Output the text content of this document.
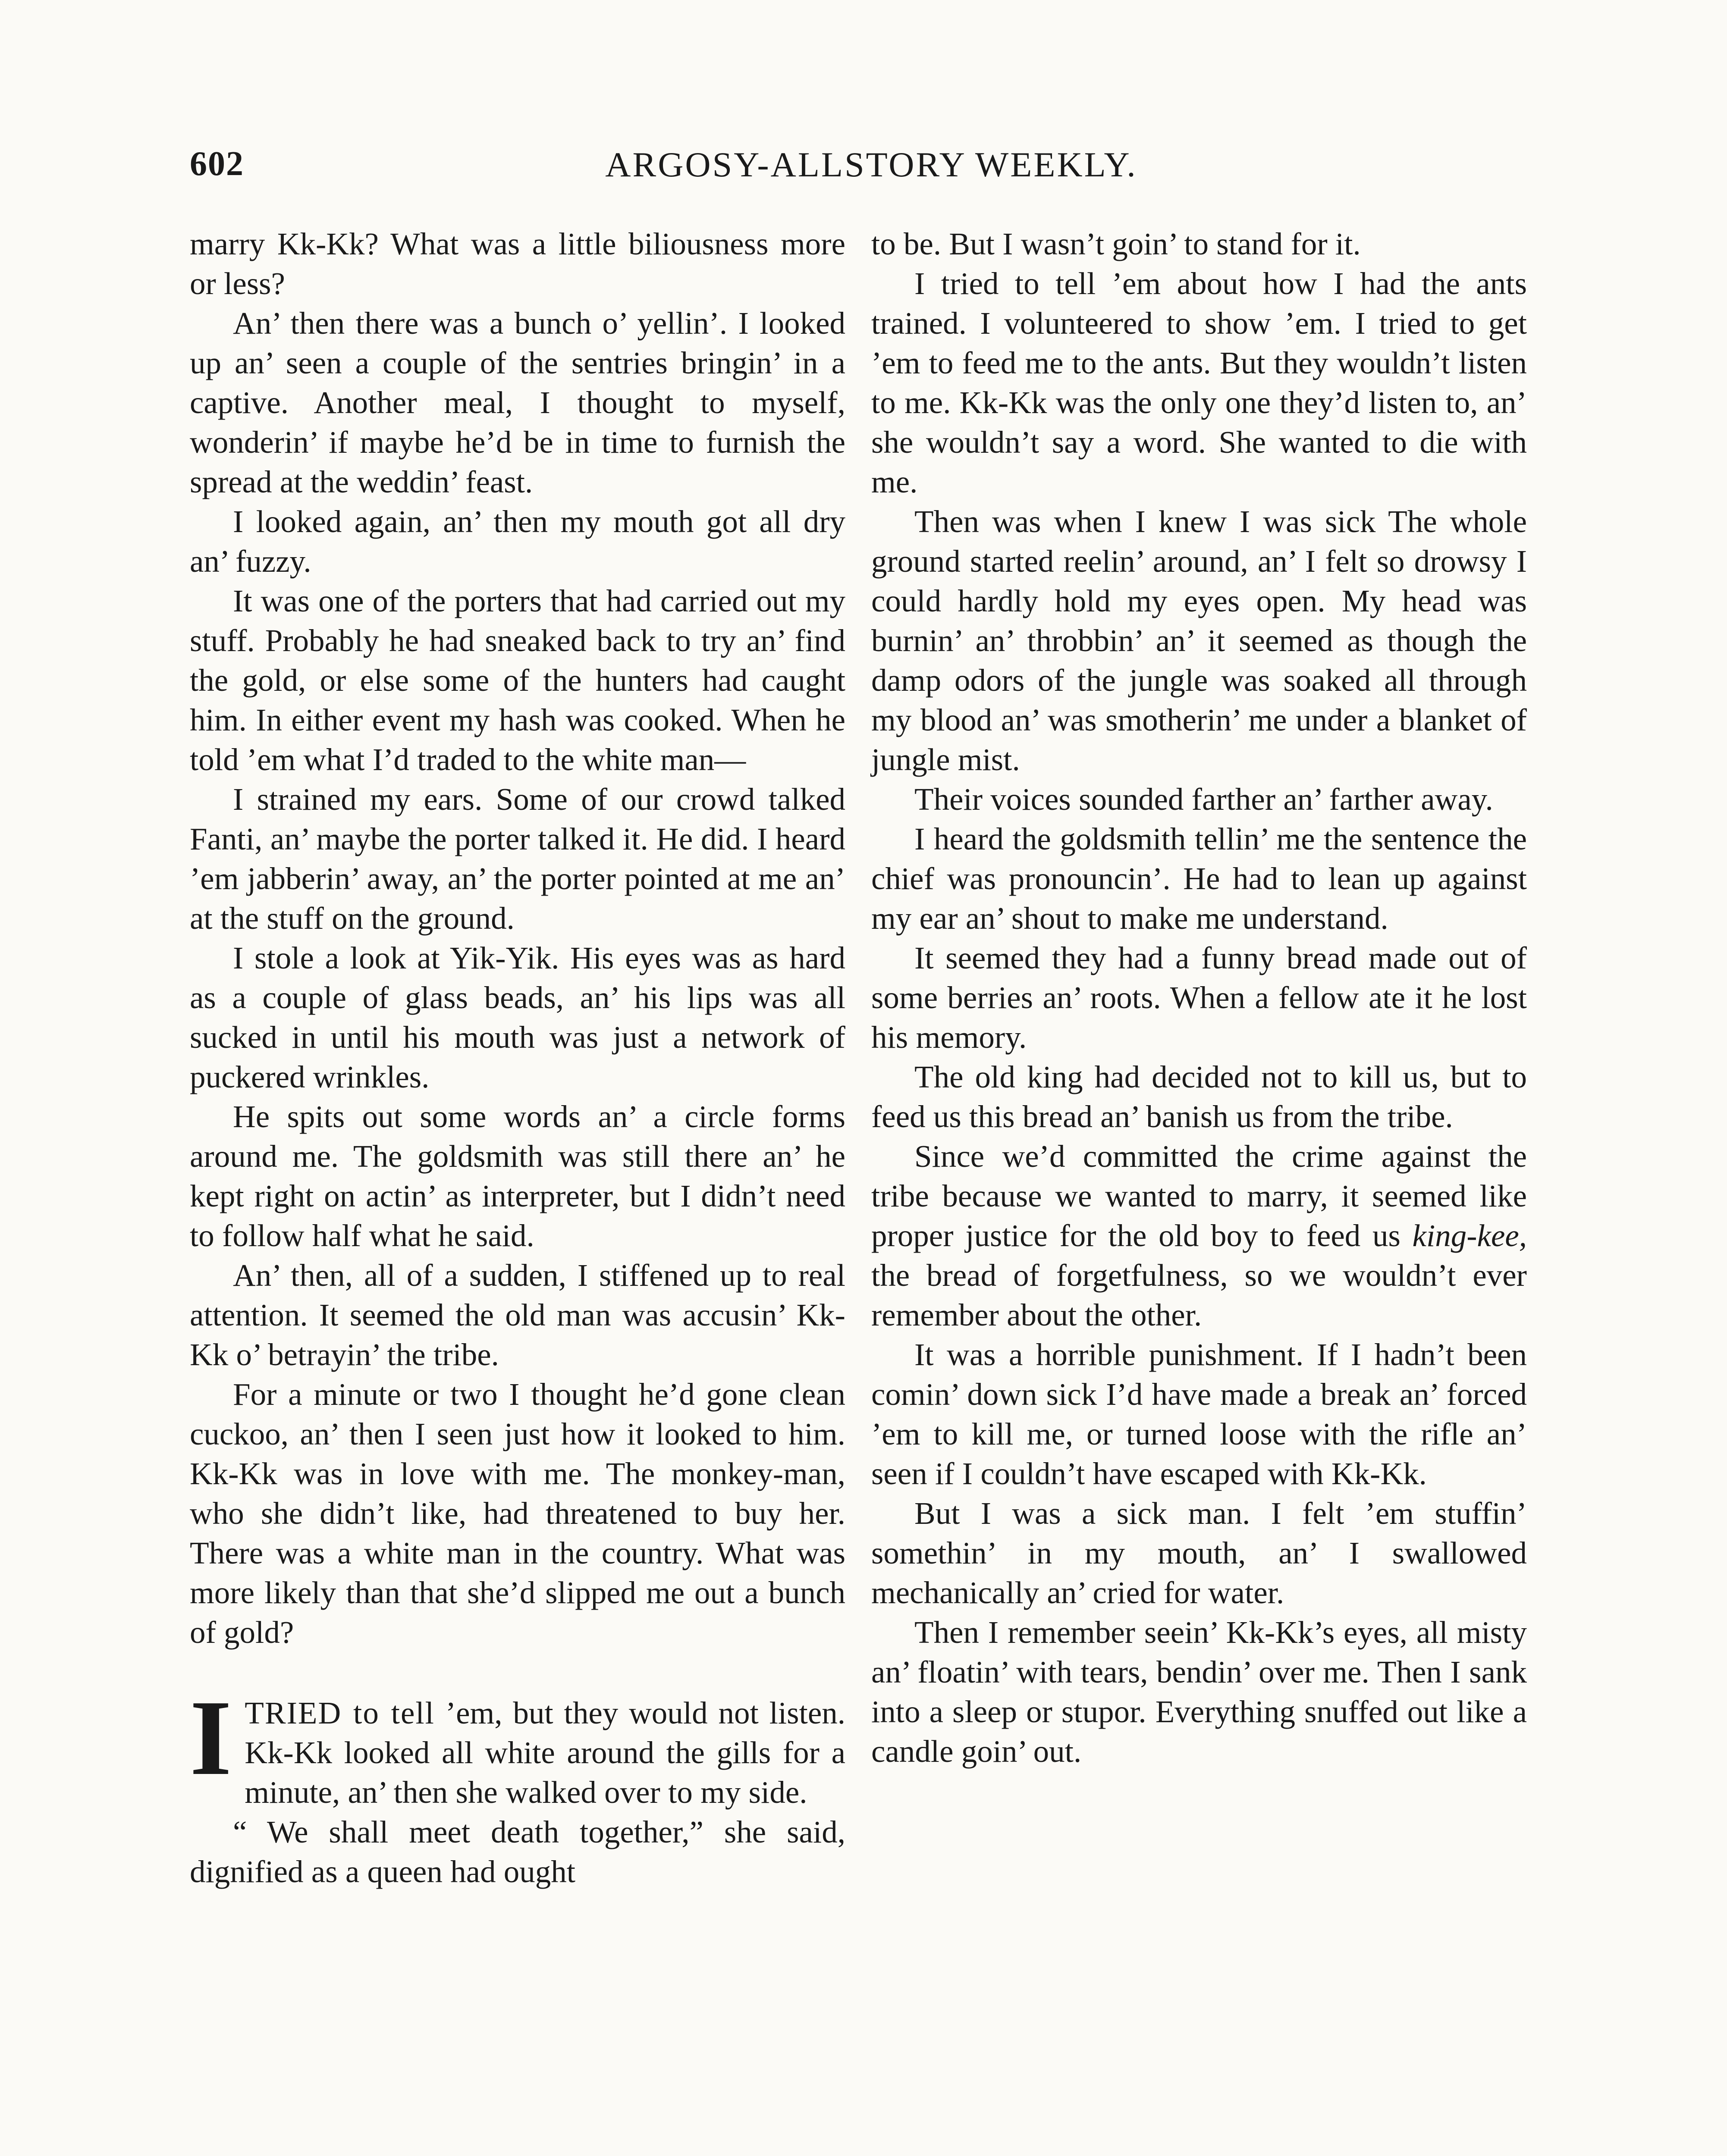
602	ARGOSY-ALLSTORY WEEKLY.

marry Kk-Kk? What was a little biliousness more or less?

An’ then there was a bunch o’ yellin’. I looked up an’ seen a couple of the sentries bringin’ in a captive. Another meal, I thought to myself, wonderin’ if maybe he’d be in time to furnish the spread at the weddin’ feast.

I looked again, an’ then my mouth got all dry an’ fuzzy.

It was one of the porters that had carried out my stuff. Probably he had sneaked back to try an’ find the gold, or else some of the hunters had caught him. In either event my hash was cooked. When he told ’em what I’d traded to the white man—

I strained my ears. Some of our crowd talked Fanti, an’ maybe the porter talked it. He did. I heard ’em jabberin’ away, an’ the porter pointed at me an’ at the stuff on the ground.

I stole a look at Yik-Yik. His eyes was as hard as a couple of glass beads, an’ his lips was all sucked in until his mouth was just a network of puckered wrinkles.

He spits out some words an’ a circle forms around me. The goldsmith was still there an’ he kept right on actin’ as interpreter, but I didn’t need to follow half what he said.

An’ then, all of a sudden, I stiffened up to real attention. It seemed the old man was accusin’ Kk-Kk o’ betrayin’ the tribe.

For a minute or two I thought he’d gone clean cuckoo, an’ then I seen just how it looked to him. Kk-Kk was in love with me. The monkey-man, who she didn’t like, had threatened to buy her. There was a white man in the country. What was more likely than that she’d slipped me out a bunch of gold?

ITRIED to tell ’em, but they would not listen. Kk-Kk looked all white around the gills for a minute, an’ then she walked over to my side.

“ We shall meet death together,” she said, dignified as a queen had ought

to be. But I wasn’t goin’ to stand for it.

I tried to tell ’em about how I had the ants trained. I volunteered to show ’em. I tried to get ’em to feed me to the ants. But they wouldn’t listen to me. Kk-Kk was the only one they’d listen to, an’ she wouldn’t say a word. She wanted to die with me.

Then was when I knew I was sick The whole ground started reelin’ around, an’ I felt so drowsy I could hardly hold my eyes open. My head was burnin’ an’ throbbin’ an’ it seemed as though the damp odors of the jungle was soaked all through my blood an’ was smotherin’ me under a blanket of jungle mist.

Their voices sounded farther an’ farther away.

I heard the goldsmith tellin’ me the sentence the chief was pronouncin’. He had to lean up against my ear an’ shout to make me understand.

It seemed they had a funny bread made out of some berries an’ roots. When a fellow ate it he lost his memory.

The old king had decided not to kill us, but to feed us this bread an’ banish us from the tribe.

Since we’d committed the crime against the tribe because we wanted to marry, it seemed like proper justice for the old boy to feed us king-kee, the bread of forgetfulness, so we wouldn’t ever remember about the other.

It was a horrible punishment. If I hadn’t been comin’ down sick I’d have made a break an’ forced ’em to kill me, or turned loose with the rifle an’ seen if I couldn’t have escaped with Kk-Kk.

But I was a sick man. I felt ’em stuffin’ somethin’ in my mouth, an’ I swallowed mechanically an’ cried for water.

Then I remember seein’ Kk-Kk’s eyes, all misty an’ floatin’ with tears, bendin’ over me. Then I sank into a sleep or stupor. Everything snuffed out like a candle goin’ out.
